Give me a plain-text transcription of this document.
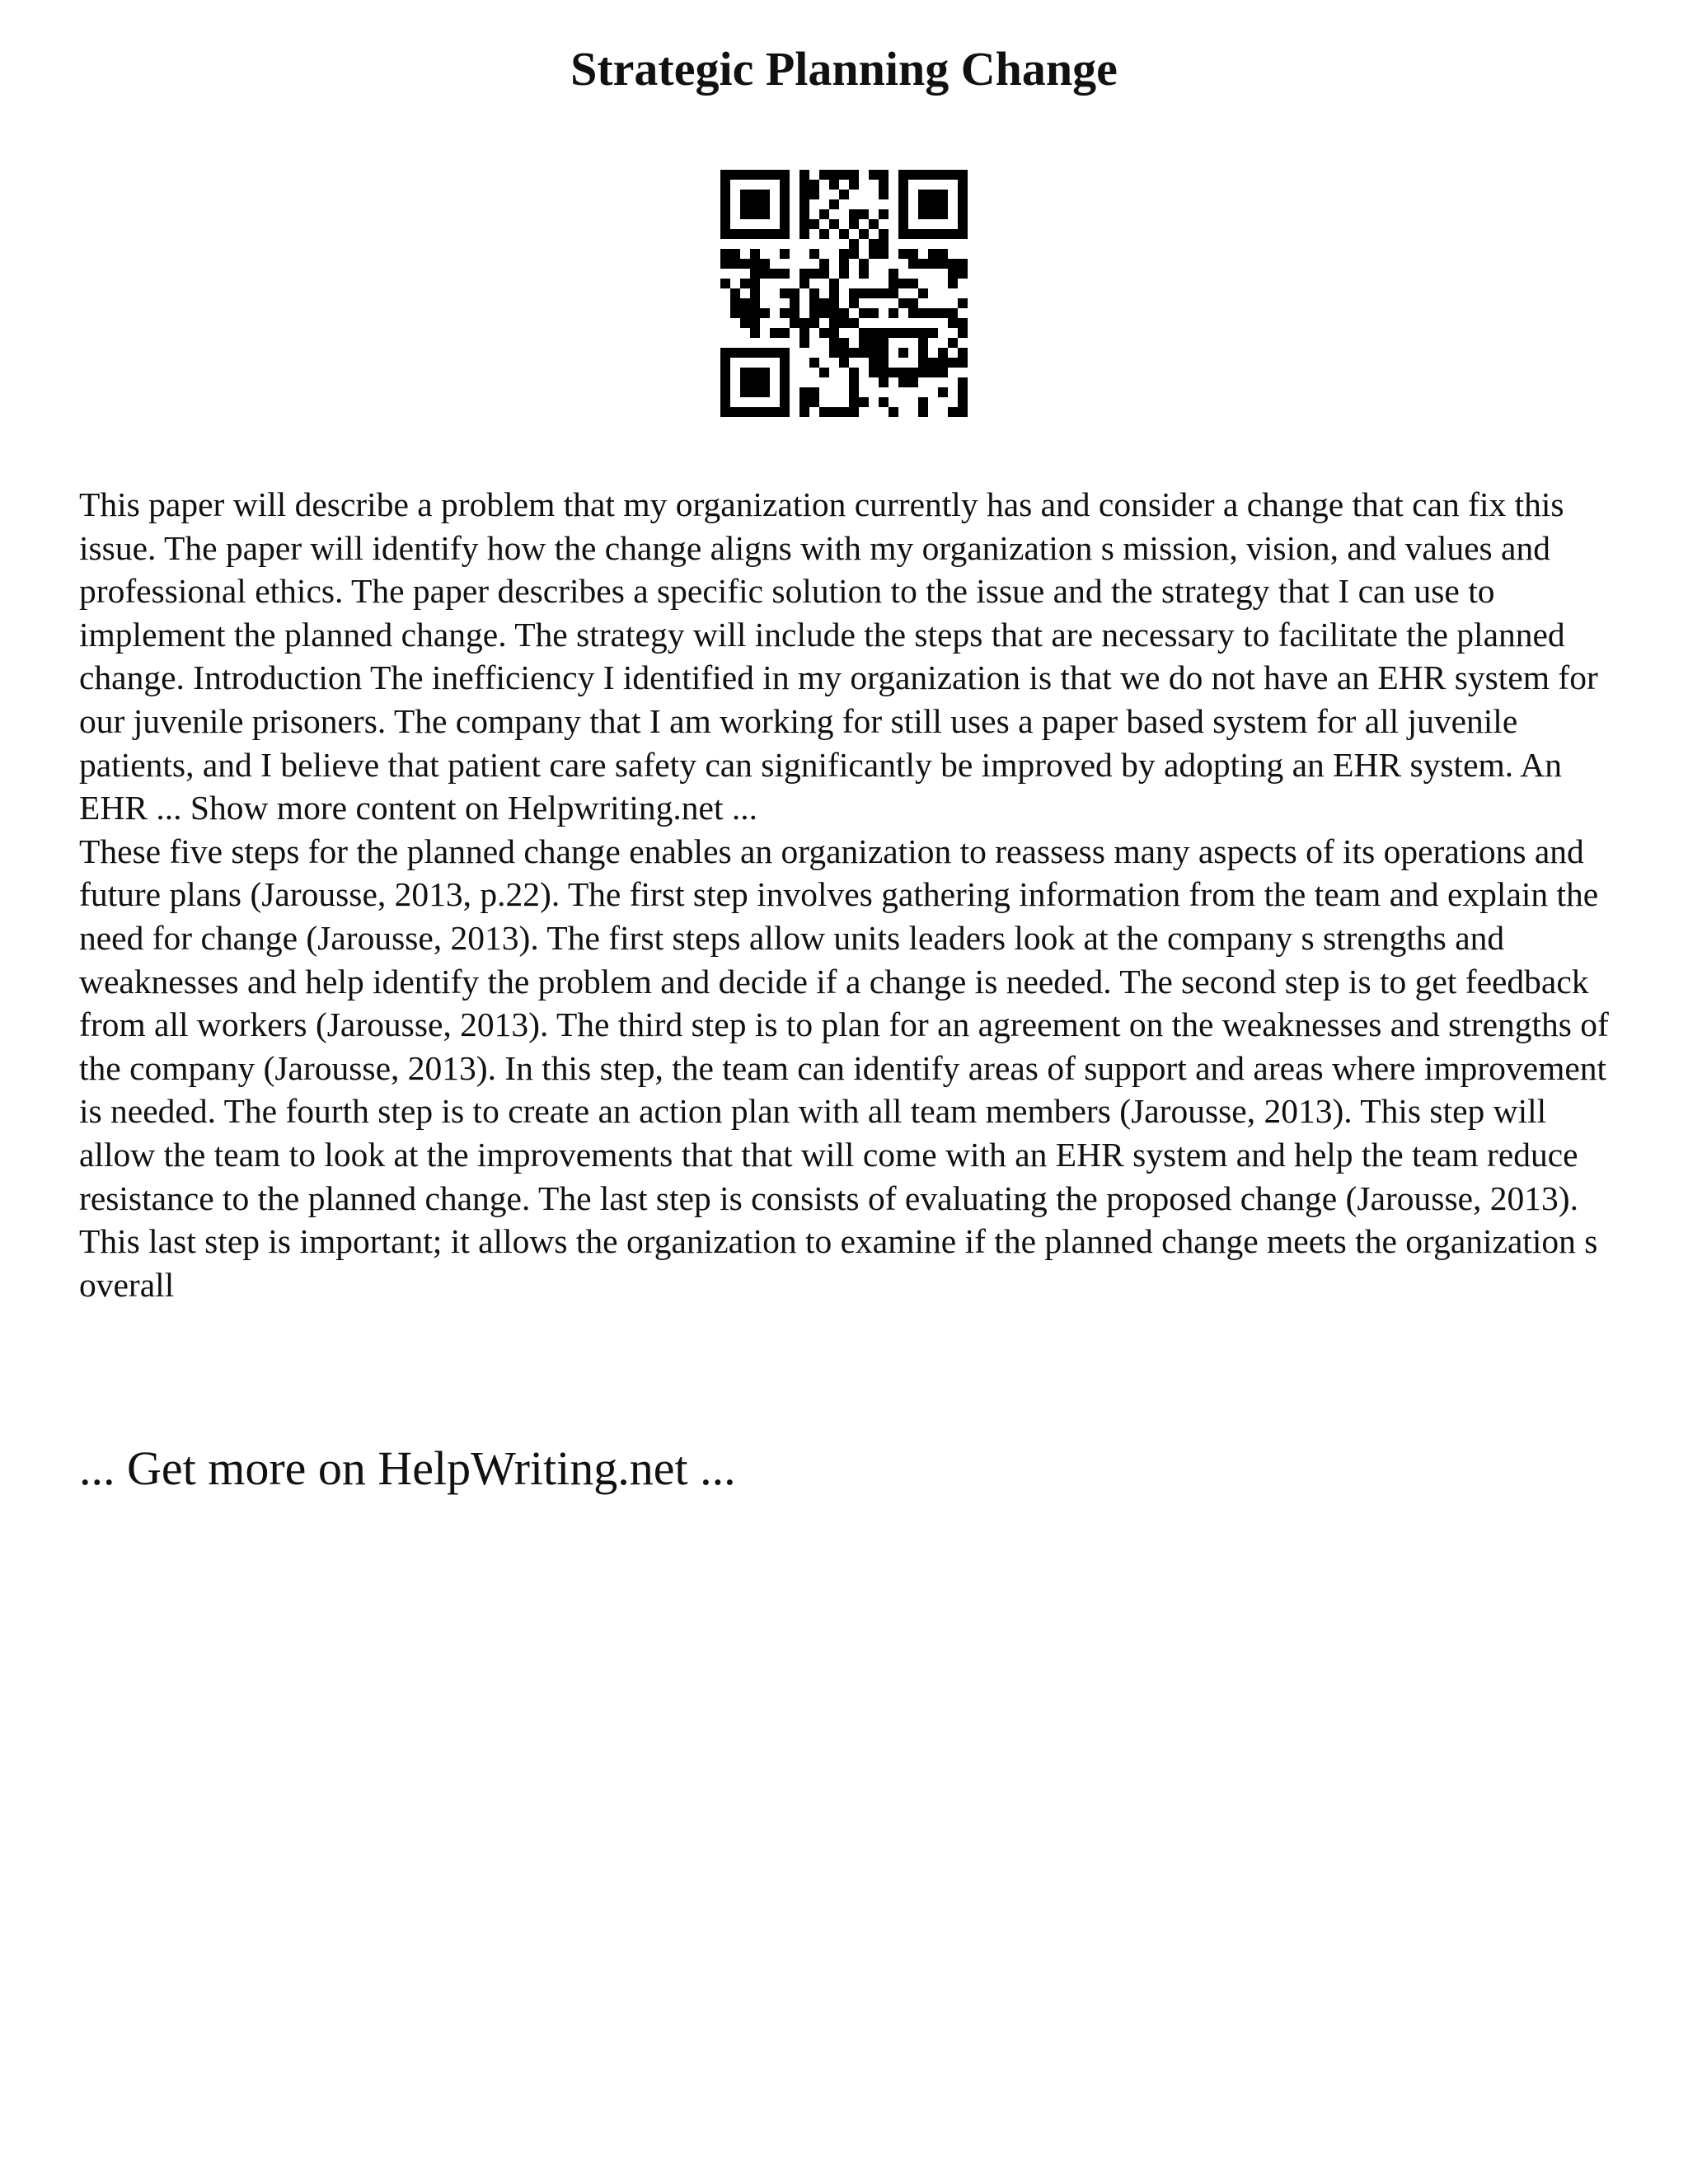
Strategic Planning Change

This paper will describe a problem that my organization currently has and consider a change that can fix this issue. The paper will identify how the change aligns with my organization s mission, vision, and values and professional ethics. The paper describes a specific solution to the issue and the strategy that I can use to implement the planned change. The strategy will include the steps that are necessary to facilitate the planned change. Introduction The inefficiency I identified in my organization is that we do not have an EHR system for our juvenile prisoners. The company that I am working for still uses a paper based system for all juvenile patients, and I believe that patient care safety can significantly be improved by adopting an EHR system. An EHR ... Show more content on Helpwriting.net ...

These five steps for the planned change enables an organization to reassess many aspects of its operations and future plans (Jarousse, 2013, p.22). The first step involves gathering information from the team and explain the need for change (Jarousse, 2013). The first steps allow units leaders look at the company s strengths and weaknesses and help identify the problem and decide if a change is needed. The second step is to get feedback from all workers (Jarousse, 2013). The third step is to plan for an agreement on the weaknesses and strengths of the company (Jarousse, 2013). In this step, the team can identify areas of support and areas where improvement is needed. The fourth step is to create an action plan with all team members (Jarousse, 2013). This step will allow the team to look at the improvements that that will come with an EHR system and help the team reduce resistance to the planned change. The last step is consists of evaluating the proposed change (Jarousse, 2013). This last step is important; it allows the organization to examine if the planned change meets the organization s overall

... Get more on HelpWriting.net ...
